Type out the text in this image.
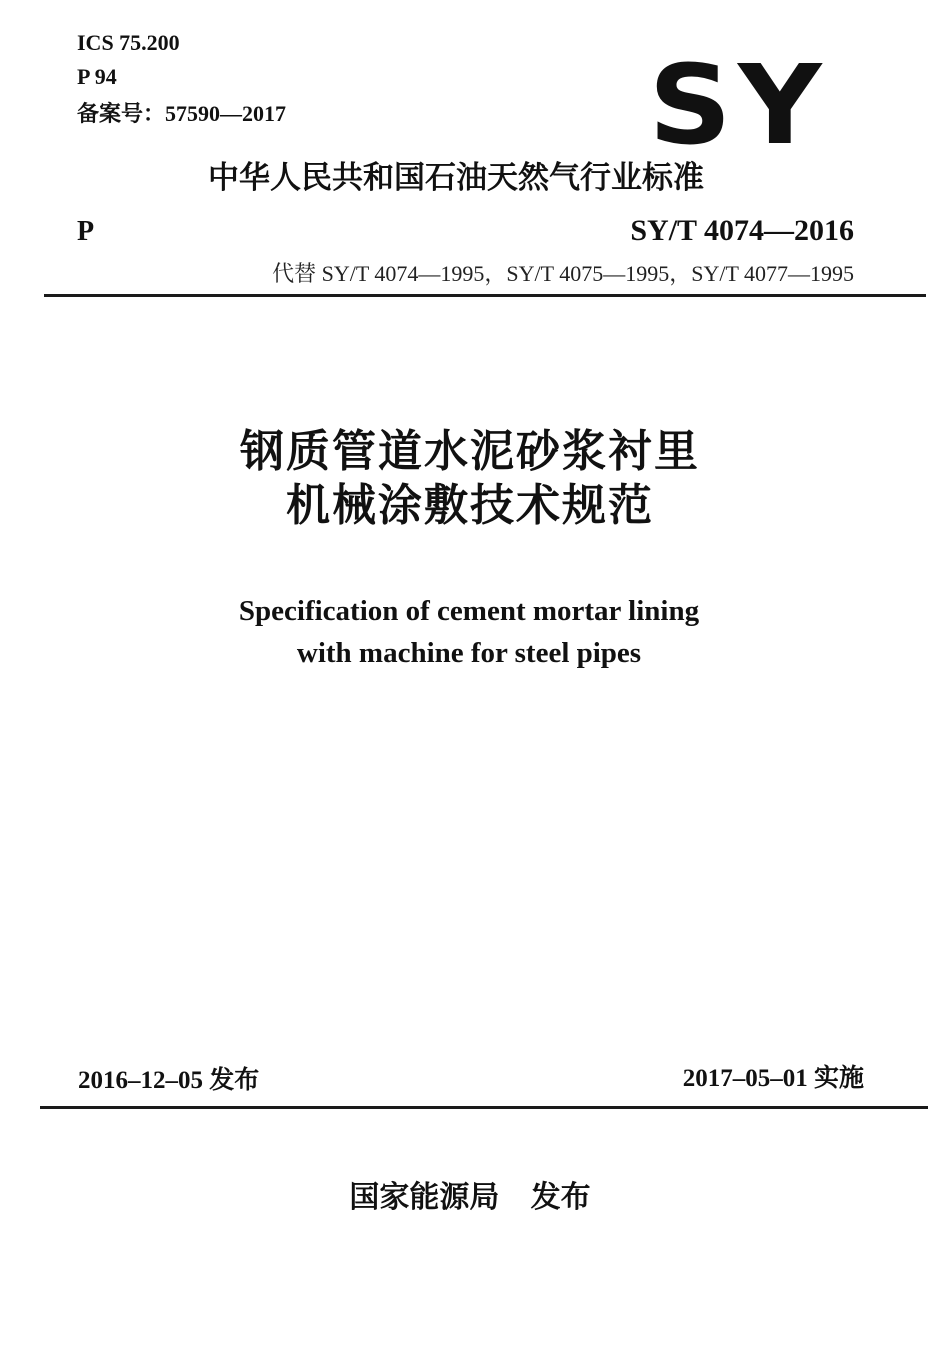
ICS 75.200
P 94
备案号：57590—2017	SY
中华人民共和国石油天然气行业标准
P	SY/T 4074—2016
代替 SY/T 4074—1995，SY/T 4075—1995，SY/T 4077—1995
钢质管道水泥砂浆衬里
机械涂敷技术规范
Specification of cement mortar lining
with machine for steel pipes
2016–12–05 发布	2017–05–01 实施
国家能源局   发布
